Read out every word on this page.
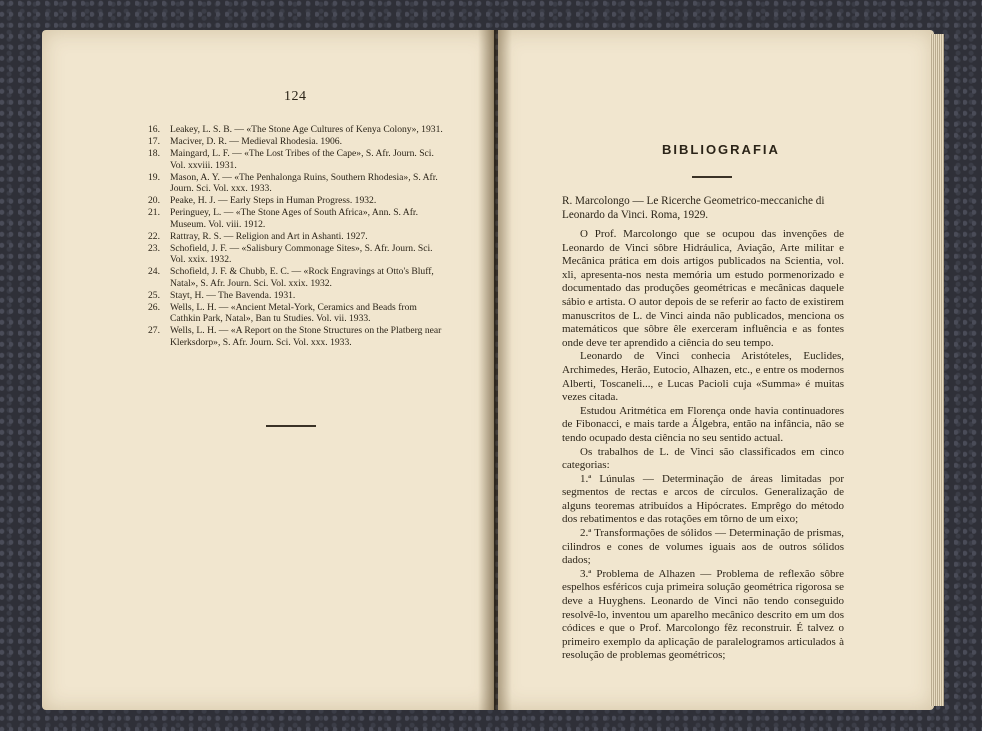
124
16.	Leakey, L. S. B. — «The Stone Age Cultures of Kenya Colony», 1931.
17.	Maciver, D. R. — Medieval Rhodesia. 1906.
18.	Maingard, L. F. — «The Lost Tribes of the Cape», S. Afr. Journ. Sci. Vol. xxviii. 1931.
19.	Mason, A. Y. — «The Penhalonga Ruins, Southern Rhodesia», S. Afr. Journ. Sci. Vol. xxx. 1933.
20.	Peake, H. J. — Early Steps in Human Progress. 1932.
21.	Peringuey, L. — «The Stone Ages of South Africa», Ann. S. Afr. Museum. Vol. viii. 1912.
22.	Rattray, R. S. — Religion and Art in Ashanti. 1927.
23.	Schofield, J. F. — «Salisbury Commonage Sites», S. Afr. Journ. Sci. Vol. xxix. 1932.
24.	Schofield, J. F. & Chubb, E. C. — «Rock Engravings at Otto's Bluff, Natal», S. Afr. Journ. Sci. Vol. xxix. 1932.
25.	Stayt, H. — The Bavenda. 1931.
26.	Wells, L. H. — «Ancient Metal-York, Ceramics and Beads from Cathkin Park, Natal», Ban tu Studies. Vol. vii. 1933.
27.	Wells, L. H. — «A Report on the Stone Structures on the Platberg near Klerksdorp», S. Afr. Journ. Sci. Vol. xxx. 1933.
BIBLIOGRAFIA
R. Marcolongo — Le Ricerche Geometrico-meccaniche di Leonardo da Vinci. Roma, 1929.

O Prof. Marcolongo que se ocupou das invenções de Leonardo de Vinci sôbre Hidráulica, Aviação, Arte militar e Mecânica prática em dois artigos publicados na Scientia, vol. xli, apresenta-nos nesta memória um estudo pormenorizado e documentado das produções geométricas e mecânicas daquele sábio e artista. O autor depois de se referir ao facto de existirem manuscritos de L. de Vinci ainda não publicados, menciona os matemáticos que sôbre êle exerceram influência e as fontes onde deve ter aprendido a ciência do seu tempo.

Leonardo de Vinci conhecia Aristóteles, Euclides, Archimedes, Herão, Eutocio, Alhazen, etc., e entre os modernos Alberti, Toscaneli..., e Lucas Pacioli cuja «Summa» é muitas vezes citada.

Estudou Aritmética em Florença onde havia continuadores de Fibonacci, e mais tarde a Álgebra, então na infância, não se tendo ocupado desta ciência no seu sentido actual.

Os trabalhos de L. de Vinci são classificados em cinco categorias:

1.ª Lúnulas — Determinação de áreas limitadas por segmentos de rectas e arcos de círculos. Generalização de alguns teoremas atribuídos a Hipócrates. Emprêgo do método dos rebatimentos e das rotações em tôrno de um eixo;

2.ª Transformações de sólidos — Determinação de prismas, cilindros e cones de volumes iguais aos de outros sólidos dados;

3.ª Problema de Alhazen — Problema de reflexão sôbre espelhos esféricos cuja primeira solução geométrica rigorosa se deve a Huyghens. Leonardo de Vinci não tendo conseguido resolvê-lo, inventou um aparelho mecânico descrito em um dos códices e que o Prof. Marcolongo fêz reconstruir. É talvez o primeiro exemplo da aplicação de paralelogramos articulados à resolução de problemas geométricos;
